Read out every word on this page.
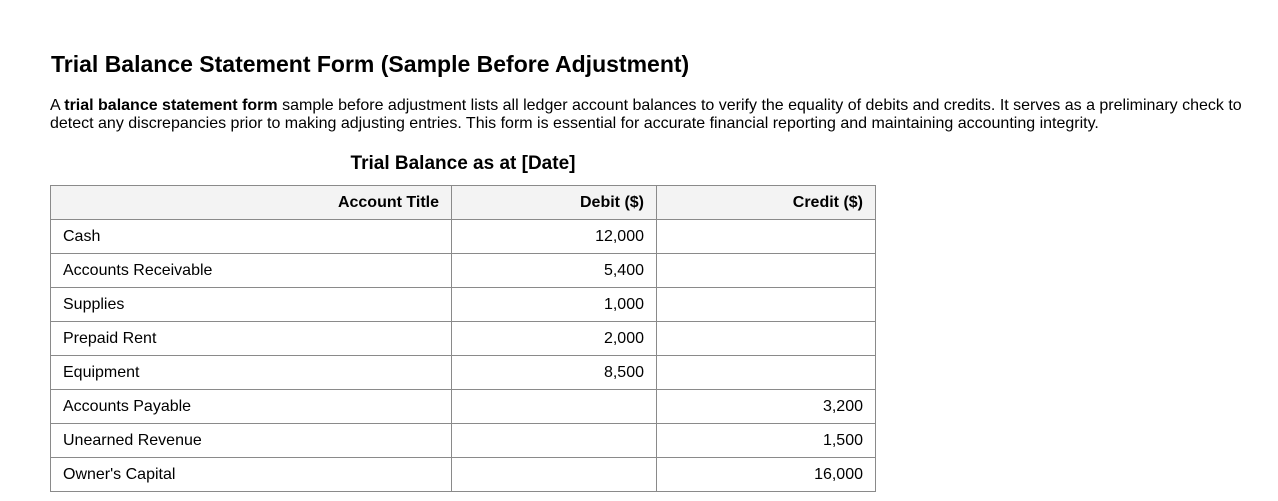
Trial Balance Statement Form (Sample Before Adjustment)

A trial balance statement form sample before adjustment lists all ledger account balances to verify the equality of debits and credits. It serves as a preliminary check to detect any discrepancies prior to making adjusting entries. This form is essential for accurate financial reporting and maintaining accounting integrity.

Trial Balance as at [Date]
Account Title	Debit ($)	Credit ($)
Cash	12,000	
Accounts Receivable	5,400	
Supplies	1,000	
Prepaid Rent	2,000	
Equipment	8,500	
Accounts Payable		3,200
Unearned Revenue		1,500
Owner's Capital		16,000
